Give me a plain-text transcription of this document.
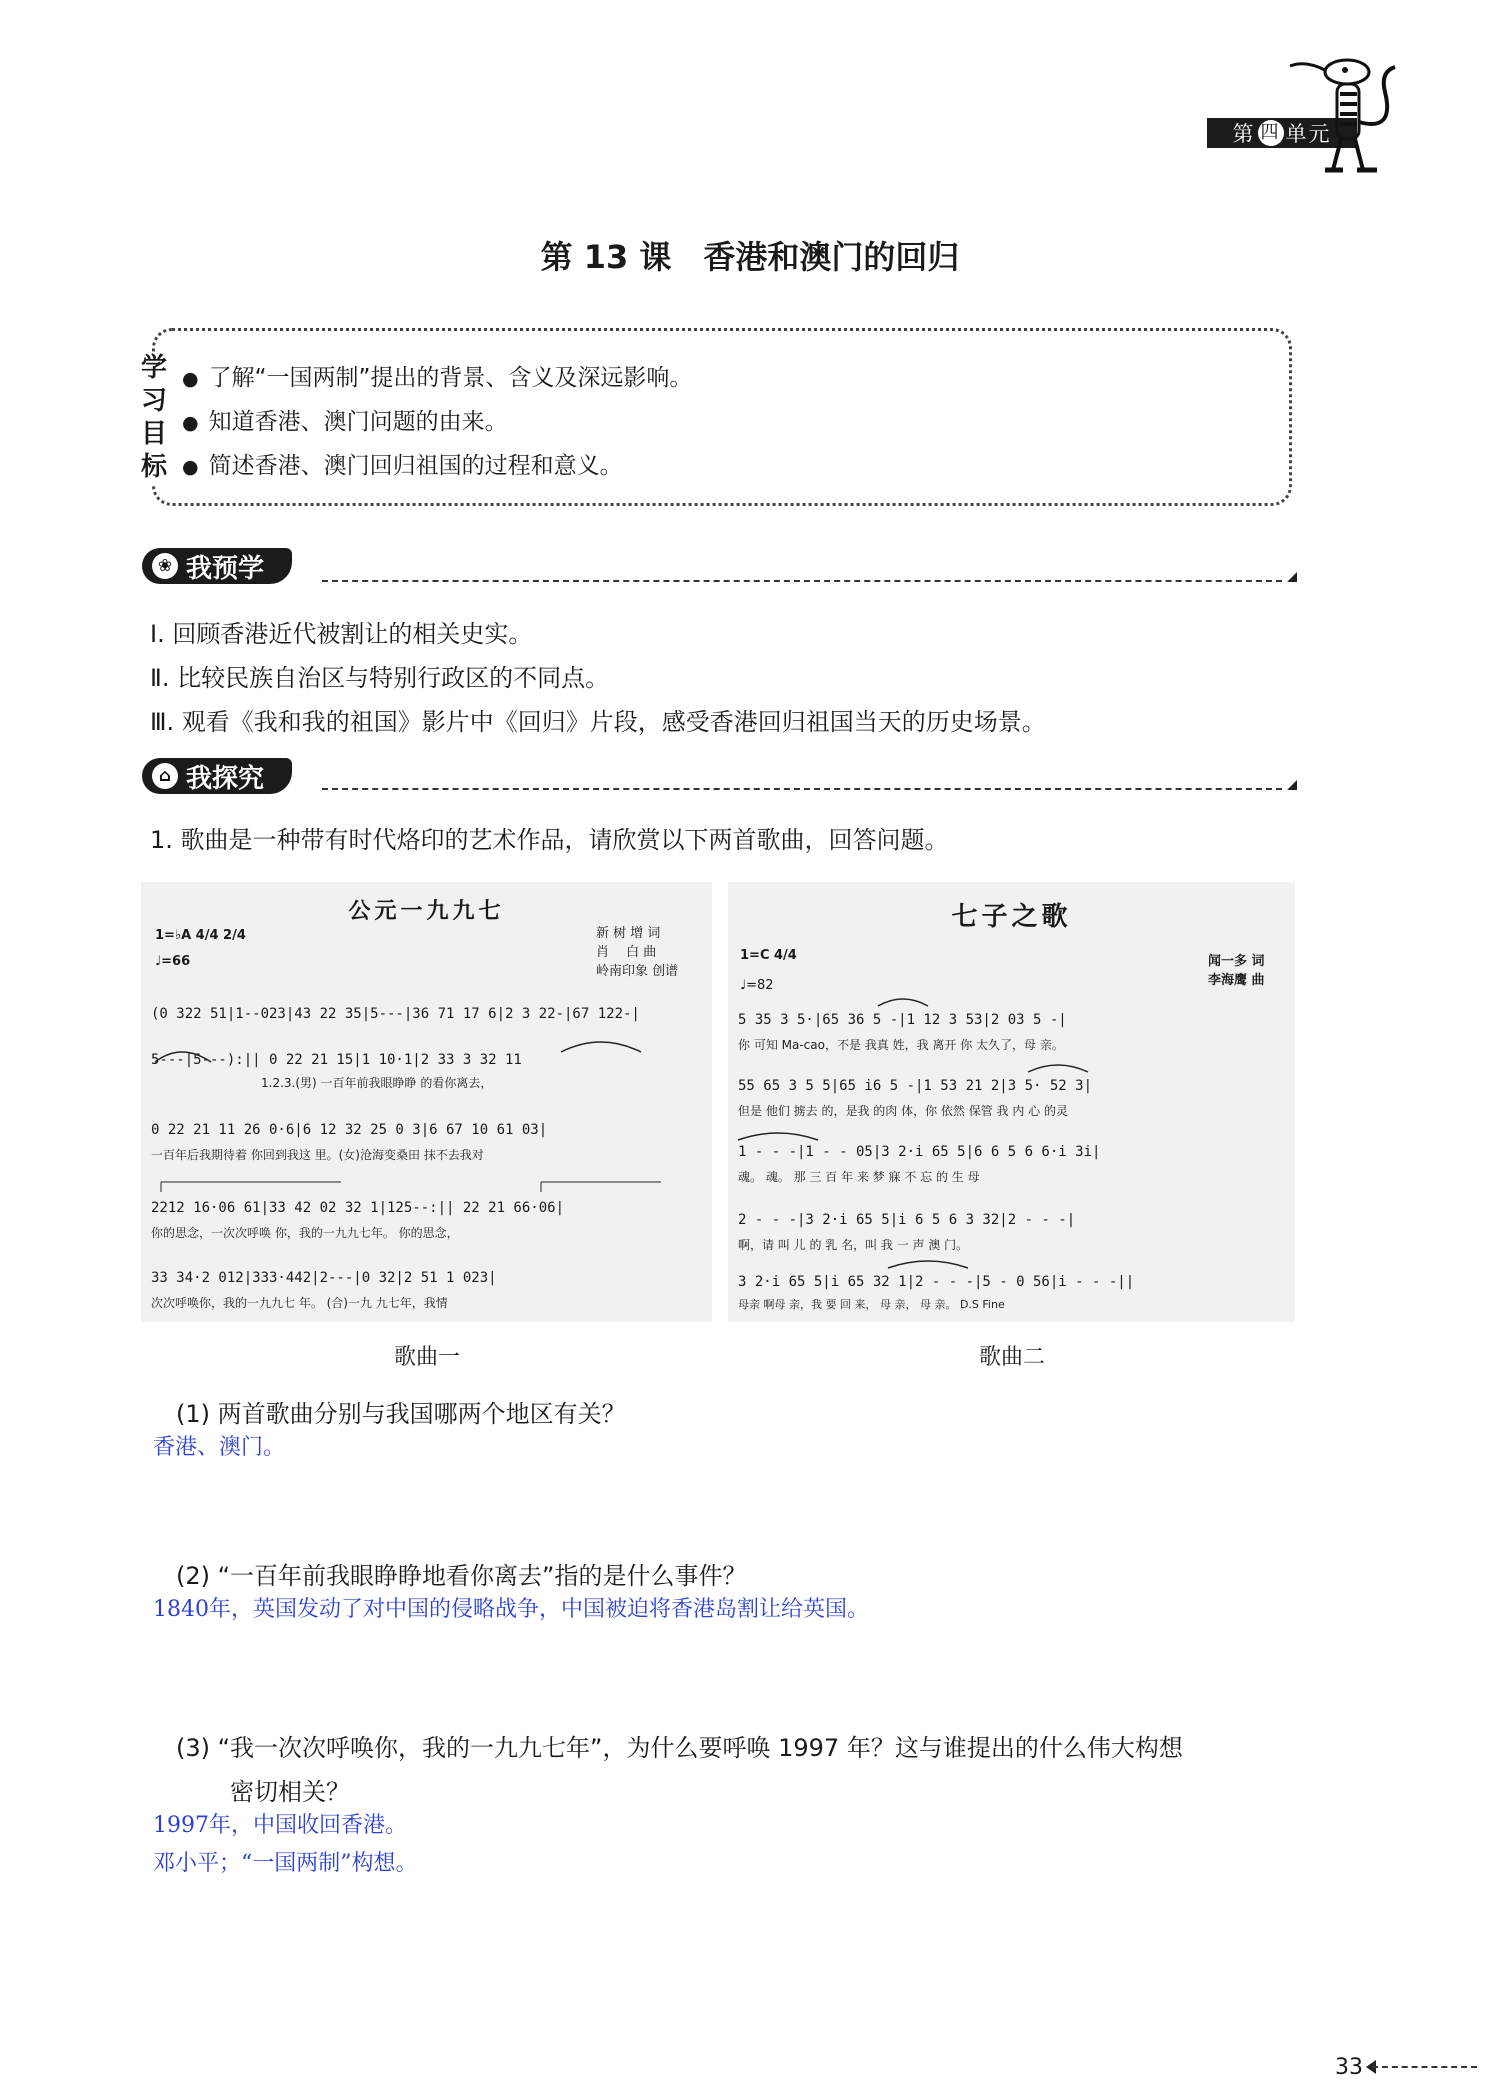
第 四 单元
第 13 课　香港和澳门的回归
学
习
目
标
● 了解“一国两制”提出的背景、含义及深远影响。
● 知道香港、澳门问题的由来。
● 简述香港、澳门回归祖国的过程和意义。
❀ 我预学
Ⅰ. 回顾香港近代被割让的相关史实。
Ⅱ. 比较民族自治区与特别行政区的不同点。
Ⅲ. 观看《我和我的祖国》影片中《回归》片段，感受香港回归祖国当天的历史场景。
⌂ 我探究
1. 歌曲是一种带有时代烙印的艺术作品，请欣赏以下两首歌曲，回答问题。
公元一九九七
1=♭A 4/4 2/4
♩=66
新 树 增 词
肖　 白 曲
岭南印象 创谱
(0 322 51|1--023|43 22 35|5---|36 71 17 6|2 3 22-|67 122-|
5---|5---):|| 0 22 21 15|1 10·1|2 33 3 32 11
1.2.3.(男) 一百年前我眼睁睁 的看你离去，
0 22 21 11 26 0·6|6 12 32 25 0 3|6 67 10 61 03|
一百年后我期待着 你回到我这 里。(女)沧海变桑田 抹不去我对
2212 16·06 61|33 42 02 32 1|125--:|| 22 21 66·06|
你的思念，一次次呼唤 你，我的一九九七年。 你的思念，
33 34·2 012|333·442|2---|0 32|2 51 1 023|
次次呼唤你，我的一九九七 年。 (合)一九 九七年，我情
七子之歌
1=C 4/4
♩=82
闻一多 词
李海鹰 曲
5 35 3 5·|65 36 5 -|1 12 3 53|2 03 5 -|
你 可知 Ma-cao，不是 我真 姓，我 离开 你 太久了，母 亲。
55 65 3 5 5|65 i6 5 -|1 53 21 2|3 5· 52 3|
但是 他们 掳去 的，是我 的肉 体，你 依然 保管 我 内 心 的灵
1 - - -|1 - - 05|3 2·i 65 5|6 6 5 6 6·i 3i|
魂。 魂。 那 三 百 年 来 梦 寐 不 忘 的 生 母
2 - - -|3 2·i 65 5|i 6 5 6 3 32|2 - - -|
啊，请 叫 儿 的 乳 名，叫 我 一 声 澳 门。
3 2·i 65 5|i 65 32 1|2 - - -|5 - 0 56|i - - -||
母亲 啊母 亲，我 要 回 来， 母 亲， 母 亲。 D.S Fine
歌曲一	歌曲二
(1) 两首歌曲分别与我国哪两个地区有关？
香港、澳门。
(2) “一百年前我眼睁睁地看你离去”指的是什么事件？
1840年，英国发动了对中国的侵略战争，中国被迫将香港岛割让给英国。
(3) “我一次次呼唤你，我的一九九七年”，为什么要呼唤 1997 年？这与谁提出的什么伟大构想
密切相关？
1997年，中国收回香港。
邓小平；“一国两制”构想。
33
